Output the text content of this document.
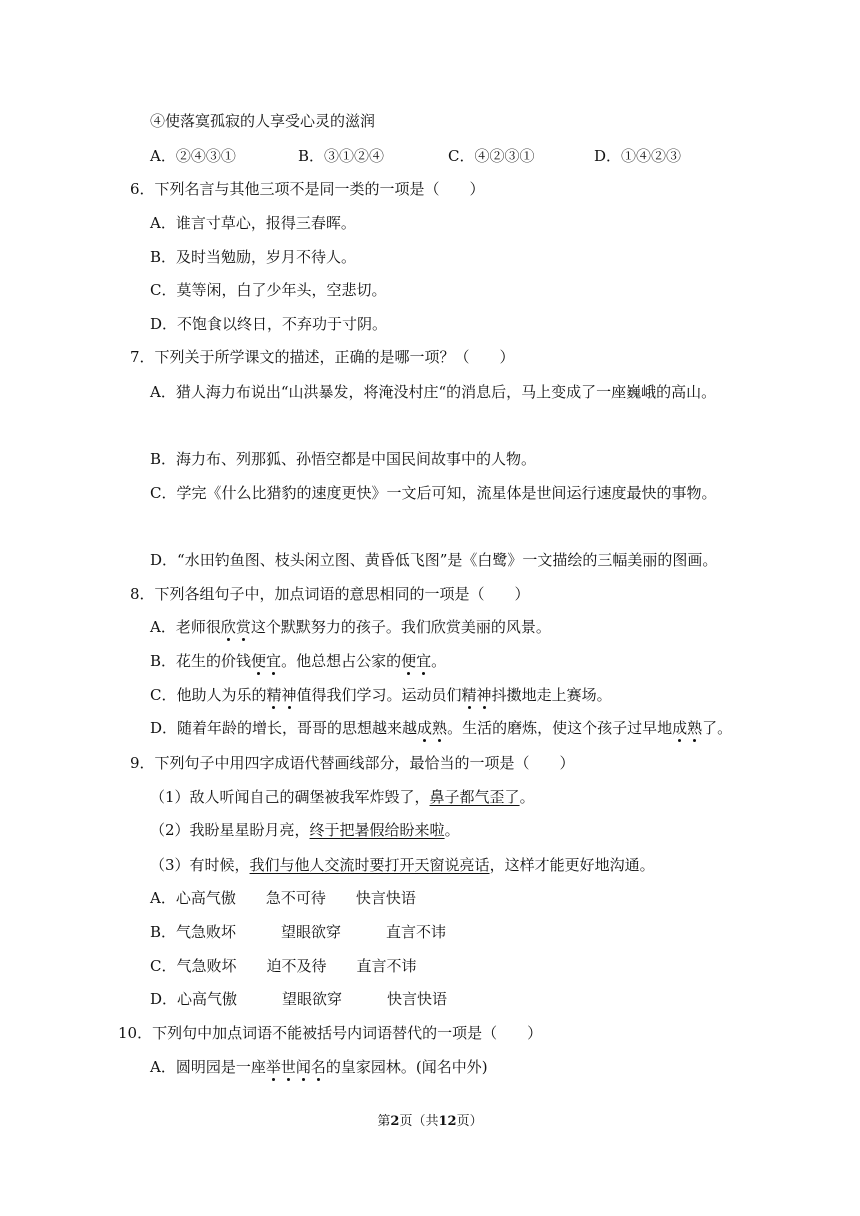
④使落寞孤寂的人享受心灵的滋润
A．②④③①	B．③①②④	C．④②③①	D．①④②③
6．下列名言与其他三项不是同一类的一项是（　　）
A．谁言寸草心，报得三春晖。
B．及时当勉励，岁月不待人。
C．莫等闲，白了少年头，空悲切。
D．不饱食以终日，不弃功于寸阴。
7．下列关于所学课文的描述，正确的是哪一项？（　　）
A．猎人海力布说出“山洪暴发，将淹没村庄“的消息后，马上变成了一座巍峨的高山。
B．海力布、列那狐、孙悟空都是中国民间故事中的人物。
C．学完《什么比猎豹的速度更快》一文后可知，流星体是世间运行速度最快的事物。
D．“水田钓鱼图、枝头闲立图、黄昏低飞图”是《白鹭》一文描绘的三幅美丽的图画。
8．下列各组句子中，加点词语的意思相同的一项是（　　）
A．老师很欣赏这个默默努力的孩子。我们欣赏美丽的风景。
B．花生的价钱便宜。他总想占公家的便宜。
C．他助人为乐的精神值得我们学习。运动员们精神抖擞地走上赛场。
D．随着年龄的增长，哥哥的思想越来越成熟。生活的磨炼，使这个孩子过早地成熟了。
9．下列句子中用四字成语代替画线部分，最恰当的一项是（　　）
（1）敌人听闻自己的碉堡被我军炸毁了，鼻子都气歪了。
（2）我盼星星盼月亮，终于把暑假给盼来啦。
（3）有时候，我们与他人交流时要打开天窗说亮话，这样才能更好地沟通。
A．心高气傲　　急不可待　　快言快语
B．气急败坏　　　望眼欲穿　　　直言不讳
C．气急败坏　　迫不及待　　直言不讳
D．心高气傲　　　望眼欲穿　　　快言快语
10．下列句中加点词语不能被括号内词语替代的一项是（　　）
A．圆明园是一座举世闻名的皇家园林。(闻名中外)
第2页（共12页）
